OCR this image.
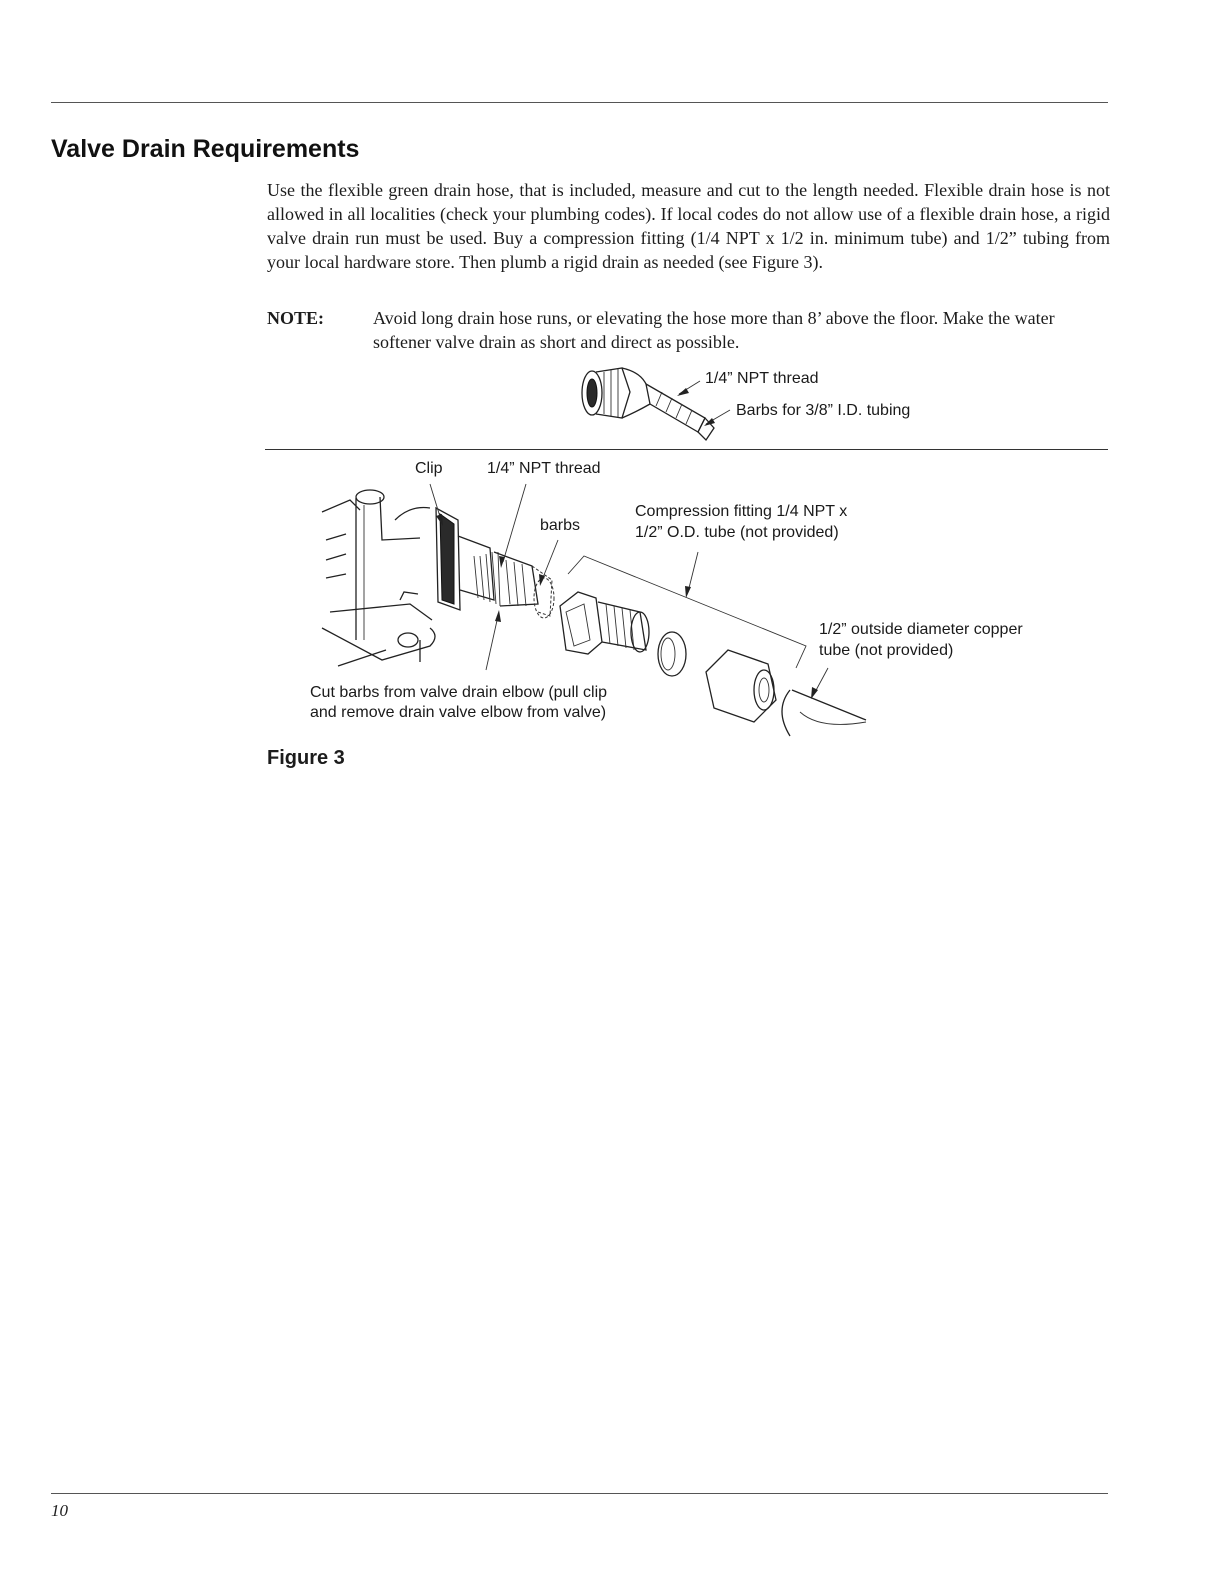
Valve Drain Requirements

Use the flexible green drain hose, that is included, measure and cut to the length needed. Flexible drain hose is not allowed in all localities (check your plumbing codes). If local codes do not allow use of a flexible drain hose, a rigid valve drain run must be used. Buy a compression fitting (1/4 NPT x 1/2 in. minimum tube) and 1/2” tubing from your local hardware store. Then plumb a rigid drain as needed (see Figure 3).

NOTE:	Avoid long drain hose runs, or elevating the hose more than 8’ above the floor. Make the water softener valve drain as short and direct as possible.

1/4” NPT thread
Barbs for 3/8” I.D. tubing
Clip	1/4” NPT thread
barbs
Compression fitting 1/4 NPT x
1/2” O.D. tube (not provided)
1/2” outside diameter copper
tube (not provided)
Cut barbs from valve drain elbow (pull clip
and remove drain valve elbow from valve)
Figure 3
10
